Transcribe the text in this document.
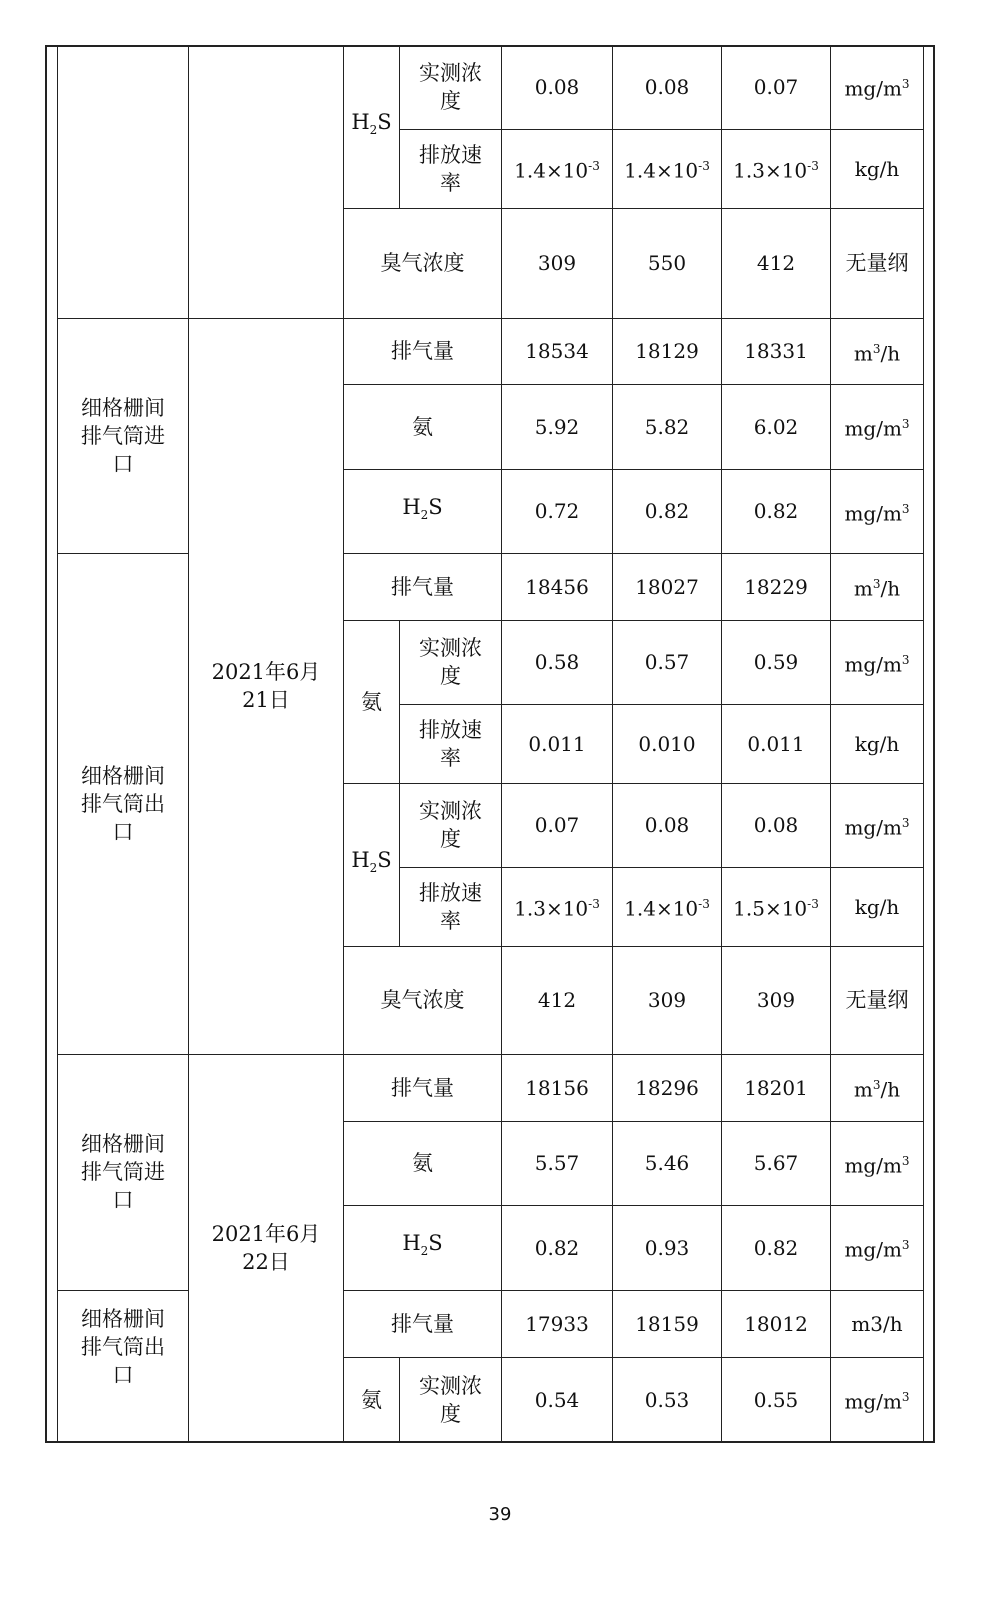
		$H_2S$	实测浓度	0.08	0.08	0.07	$mg/m^3$
			排放速率	$1.4\times 10^{-3}$	$1.4\times 10^{-3}$	$1.3\times 10^{-3}$	kg/h
		臭气浓度		309	550	412	无量纲
细格栅间排气筒进口	2021年6月21日	排气量		18534	18129	18331	$m^3/h$
		氨		5.92	5.82	6.02	$mg/m^3$
		$H_2S$		0.72	0.82	0.82	$mg/m^3$
细格栅间排气筒出口		排气量		18456	18027	18229	$m^3/h$
		氨	实测浓度	0.58	0.57	0.59	$mg/m^3$
			排放速率	0.011	0.010	0.011	kg/h
		$H_2S$	实测浓度	0.07	0.08	0.08	$mg/m^3$
			排放速率	$1.3\times 10^{-3}$	$1.4\times 10^{-3}$	$1.5\times 10^{-3}$	kg/h
		臭气浓度		412	309	309	无量纲
细格栅间排气筒进口	2021年6月22日	排气量		18156	18296	18201	$m^3/h$
		氨		5.57	5.46	5.67	$mg/m^3$
		$H_2S$		0.82	0.93	0.82	$mg/m^3$
细格栅间排气筒出口		排气量		17933	18159	18012	m3/h
		氨	实测浓度	0.54	0.53	0.55	$mg/m^3$
39
